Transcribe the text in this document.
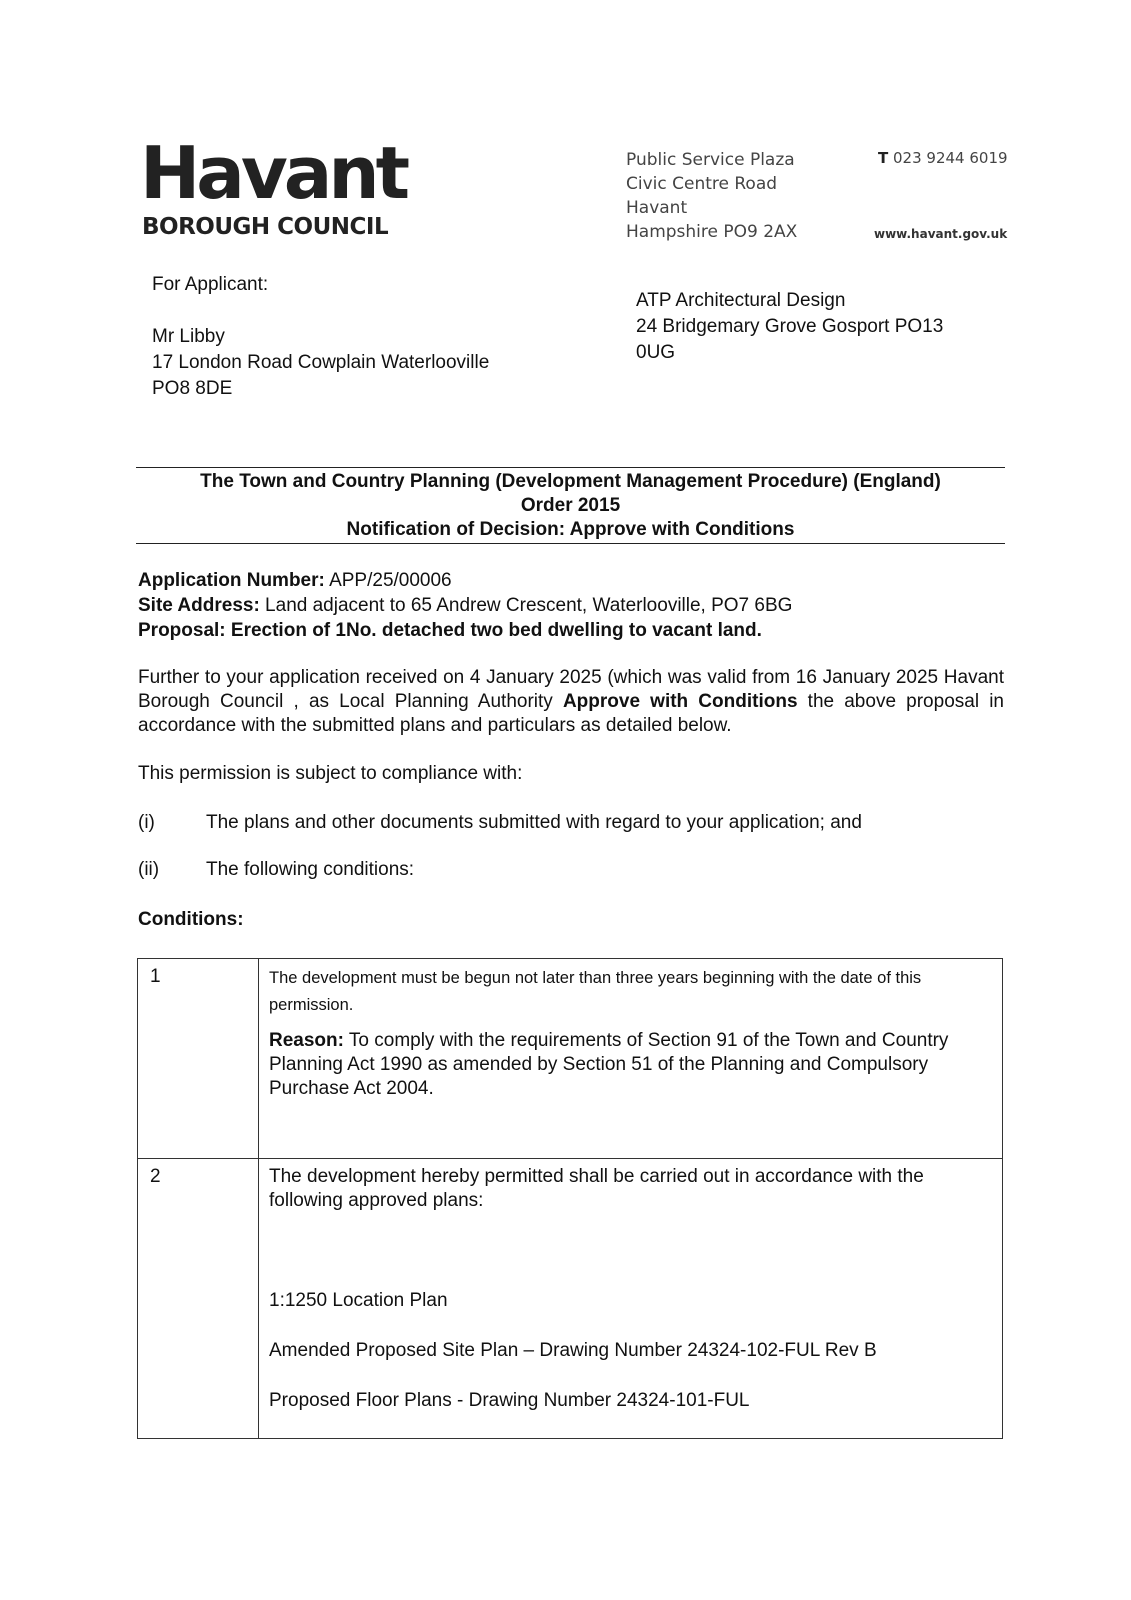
Havant
BOROUGH COUNCIL
Public Service Plaza
Civic Centre Road
Havant
Hampshire PO9 2AX
T 023 9244 6019
www.havant.gov.uk
For Applicant:
Mr Libby
17 London Road Cowplain Waterlooville
PO8 8DE
ATP Architectural Design
24 Bridgemary Grove Gosport PO13
0UG
The Town and Country Planning (Development Management Procedure) (England)
Order 2015
Notification of Decision: Approve with Conditions
Application Number: APP/25/00006
Site Address: Land adjacent to 65 Andrew Crescent, Waterlooville, PO7 6BG
Proposal: Erection of 1No. detached two bed dwelling to vacant land.

Further to your application received on 4 January 2025 (which was valid from 16 January 2025 Havant Borough Council , as Local Planning Authority Approve with Conditions the above proposal in accordance with the submitted plans and particulars as detailed below.

This permission is subject to compliance with:
(i)	The plans and other documents submitted with regard to your application; and
(ii) The following conditions:
Conditions:
1	The development must be begun not later than three years beginning with the date of this permission.

Reason: To comply with the requirements of Section 91 of the Town and Country Planning Act 1990 as amended by Section 51 of the Planning and Compulsory Purchase Act 2004.

2	The development hereby permitted shall be carried out in accordance with the following approved plans:

1:1250 Location Plan

Amended Proposed Site Plan – Drawing Number 24324-102-FUL Rev B

Proposed Floor Plans - Drawing Number 24324-101-FUL
